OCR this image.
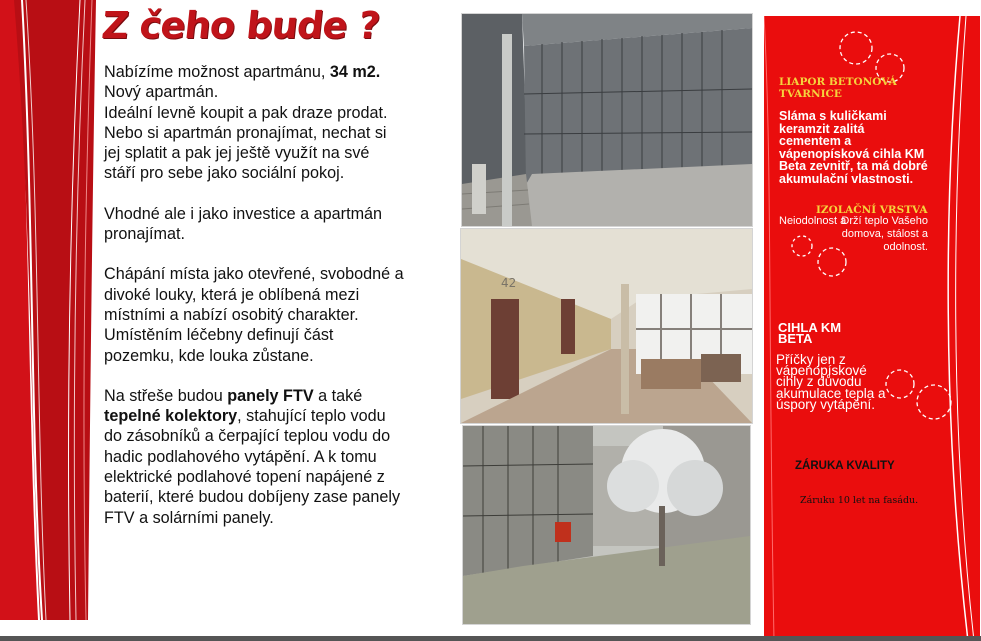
Z čeho bude ?

Nabízíme možnost apartmánu, 34 m2.
Nový apartmán.
Ideální levně koupit a pak draze prodat. Nebo si apartmán pronajímat, nechat si jej splatit a pak jej ještě využít na své stáří pro sebe jako sociální pokoj.

Vhodné ale i jako investice a apartmán pronajímat.

Chápání místa jako otevřené, svobodné a divoké louky, která je oblíbená mezi místními a nabízí osobitý charakter. Umístěním léčebny definují část pozemku, kde louka zůstane.

Na střeše budou panely FTV a také tepelné kolektory, stahující teplo vodu do zásobníků a čerpající teplou vodu do hadic podlahového vytápění. A k tomu elektrické podlahové topení napájené z baterií, které budou dobíjeny zase panely FTV a solárními panely.

42
LIAPOR BETONOVÁ TVARNICE
Sláma s kuličkami keramzit zalitá cementem a vápenopísková cihla KM Beta zevnitř, ta má dobré akumulační vlastnosti.
IZOLAČNÍ VRSTVA
Neiodolnost a
Drží teplo Vašeho domova, stálost a odolnost.
CIHLA KM BETA
Příčky jen z vápenopískové cihly z důvodu akumulace tepla a úspory vytápění.
ZÁRUKA KVALITY
Záruku 10 let na fasádu.
